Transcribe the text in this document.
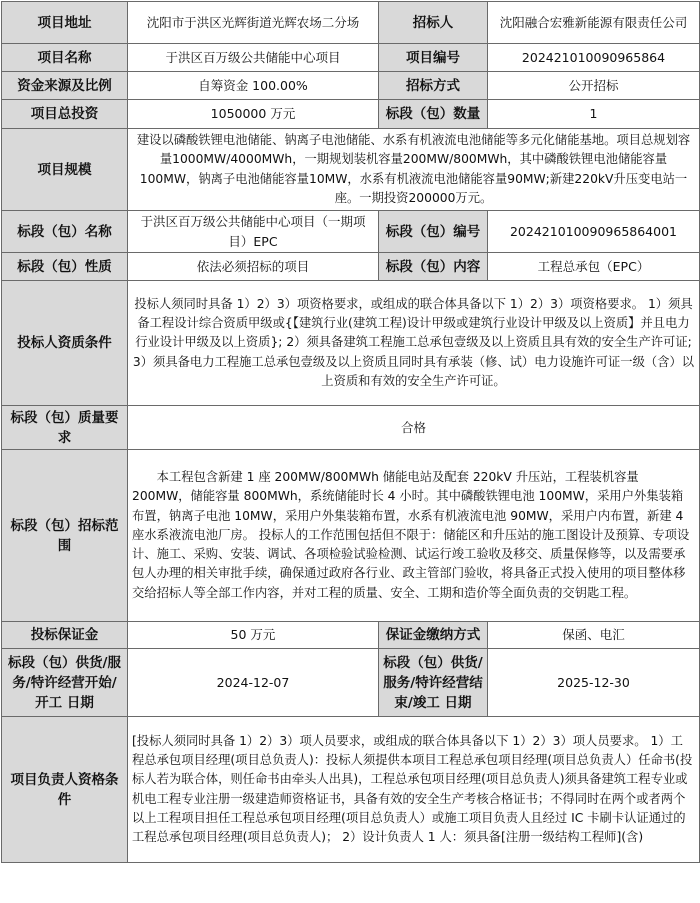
项目地址	沈阳市于洪区光辉街道光辉农场二分场	招标人	沈阳融合宏雅新能源有限责任公司
项目名称	于洪区百万级公共储能中心项目	项目编号	2024210100909658​64
资金来源及比例	自筹资金 100.00%	招标方式	公开招标
项目总投资	1050000 万元	标段（包）数量	1
项目规模	建设以磷酸铁锂电池储能、钠离子电池储能、水系有机液流电池储能等多元化储能基地。项目总规划容量1000MW/4000MWh，一期规划装机容量200MW/800MWh，其中磷酸铁锂电池储能容量100MW，钠离子电池储能容量10MW，水系有机液流电池储能容量90MW;新建220kV升压变电站一座。一期投资200000万元。		
标段（包）名称	于洪区百万级公共储能中心项目（一期项目）EPC	标段（包）编号	2024210100909658​64001
标段（包）性质	依法必须招标的项目	标段（包）内容	工程总承包（EPC）
投标人资质条件	投标人须同时具备 1）2）3）项资格要求，或组成的联合体具备以下 1）2）3）项资格要求。 1）须具备工程设计综合资质甲级或{【建筑行业(建筑工程)设计甲级或建筑行业设计甲级及以上资质】并且电力行业设计甲级及以上资质}; 2）须具备建筑工程施工总承包壹级及以上资质且具有效的安全生产许可证; 3）须具备电力工程施工总承包壹级及以上资质且同时具有承装（修、试）电力设施许可证一级（含）以上资质和有效的安全生产许可证。		
标段（包）质量要求	合格		
标段（包）招标范围	本工程包含新建 1 座 200MW/800MWh 储能电站及配套 220kV 升压站，工程装机容量200MW，储能容量 800MWh，系统储能时长 4 小时。其中磷酸铁锂电池 100MW，采用户外集装箱布置，钠离子电池 10MW，采用户外集装箱布置，水系有机液流电池 90MW，采用户内布置，新建 4 座水系液流电池厂房。 投标人的工作范围包括但不限于：储能区和升压站的施工图设计及预算、专项设计、施工、采购、安装、调试、各项检验试验检测、试运行竣工验收及移交、质量保修等，以及需要承包人办理的相关审批手续，确保通过政府各行业、政主管部门验收，将具备正式投入使用的项目整体移交给招标人等全部工作内容，并对工程的质量、安全、工期和造价等全面负责的交钥匙工程。		

投标保证金	50 万元	保证金缴纳方式	保函、电汇
标段（包）供货/服务/特许经营开始/开工 日期	2024-12-07	标段（包）供货/服务/特许经营结束/竣工 日期	2025-12-30
项目负责人资格条件	[投标人须同时具备 1）2）3）项人员要求，或组成的联合体具备以下 1）2）3）项人员要求。 1）工程总承包项目经理(项目总负责人)：投标人须提供本项目工程总承包项目经理(项目总负责人）任命书(投标人若为联合体，则任命书由牵头人出具)，工程总承包项目经理(项目总负责人)须具备建筑工程专业或机电工程专业注册一级建造师资格证书，具备有效的安全生产考核合格证书；不得同时在两个或者两个以上工程项目担任工程总承包项目经理(项目总负责人）或施工项目负责人且经过 IC 卡刷卡认证通过的工程总承包项目经理(项目总负责人)； 2）设计负责人 1 人：须具备[注册一级结构工程师](含)		
